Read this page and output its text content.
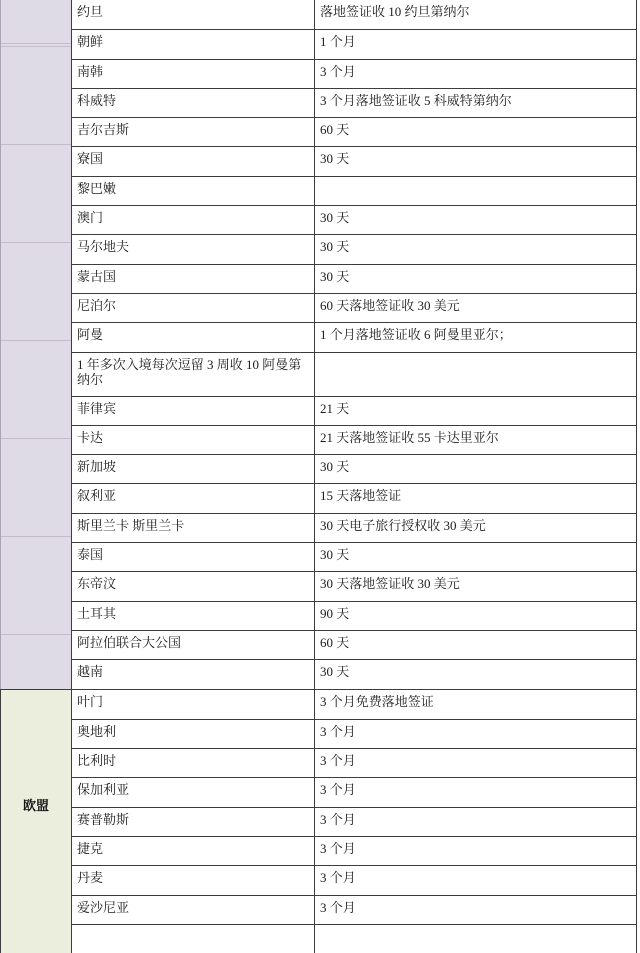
约旦	落地签证收 10 约旦第纳尔
朝鲜	1 个月
南韩	3 个月
科威特	3 个月落地签证收 5 科威特第纳尔
吉尔吉斯	60 天
寮国	30 天
黎巴嫩
澳门	30 天
马尔地夫	30 天
蒙古国	30 天
尼泊尔	60 天落地签证收 30 美元
阿曼	1 个月落地签证收 6 阿曼里亚尔；
1 年多次入境每次逗留 3 周收 10 阿曼第纳尔
菲律宾	21 天
卡达	21 天落地签证收 55 卡达里亚尔
新加坡	30 天
叙利亚	15 天落地签证
斯里兰卡 斯里兰卡	30 天电子旅行授权收 30 美元
泰国	30 天
东帝汶	30 天落地签证收 30 美元
土耳其	90 天
阿拉伯联合大公国	60 天
越南	30 天
欧盟
叶门	3 个月免费落地签证
奥地利	3 个月
比利时	3 个月
保加利亚	3 个月
赛普勒斯	3 个月
捷克	3 个月
丹麦	3 个月
爱沙尼亚	3 个月
